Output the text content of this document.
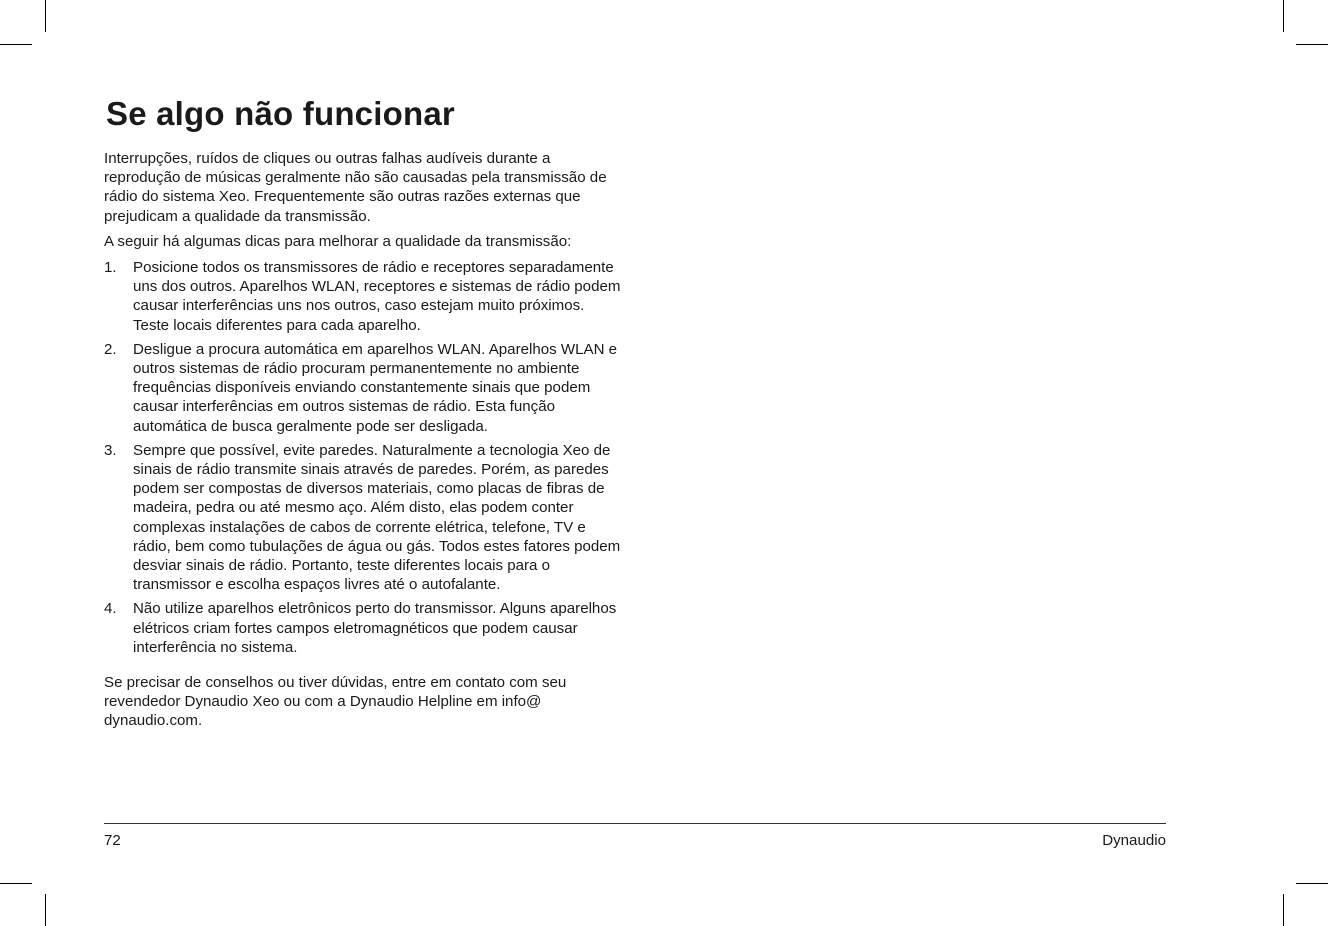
Se algo não funcionar

Interrupções, ruídos de cliques ou outras falhas audíveis durante a reprodução de músicas geralmente não são causadas pela transmissão de rádio do sistema Xeo. Frequentemente são outras razões externas que prejudicam a qualidade da transmissão.

A seguir há algumas dicas para melhorar a qualidade da transmissão:

1. Posicione todos os transmissores de rádio e receptores separadamente uns dos outros. Aparelhos WLAN, receptores e sistemas de rádio podem causar interferências uns nos outros, caso estejam muito próximos. Teste locais diferentes para cada aparelho.
2. Desligue a procura automática em aparelhos WLAN. Aparelhos WLAN e outros sistemas de rádio procuram permanentemente no ambiente frequências disponíveis enviando constantemente sinais que podem causar interferências em outros sistemas de rádio. Esta função automática de busca geralmente pode ser desligada.
3. Sempre que possível, evite paredes. Naturalmente a tecnologia Xeo de sinais de rádio transmite sinais através de paredes. Porém, as paredes podem ser compostas de diversos materiais, como placas de fibras de madeira, pedra ou até mesmo aço. Além disto, elas podem conter complexas instalações de cabos de corrente elétrica, telefone, TV e rádio, bem como tubulações de água ou gás. Todos estes fatores podem desviar sinais de rádio. Portanto, teste diferentes locais para o transmissor e escolha espaços livres até o autofalante.
4. Não utilize aparelhos eletrônicos perto do transmissor. Alguns aparelhos elétricos criam fortes campos eletromagnéticos que podem causar interferência no sistema.

Se precisar de conselhos ou tiver dúvidas, entre em contato com seu revendedor Dynaudio Xeo ou com a Dynaudio Helpline em info@ dynaudio.com.

72	Dynaudio
